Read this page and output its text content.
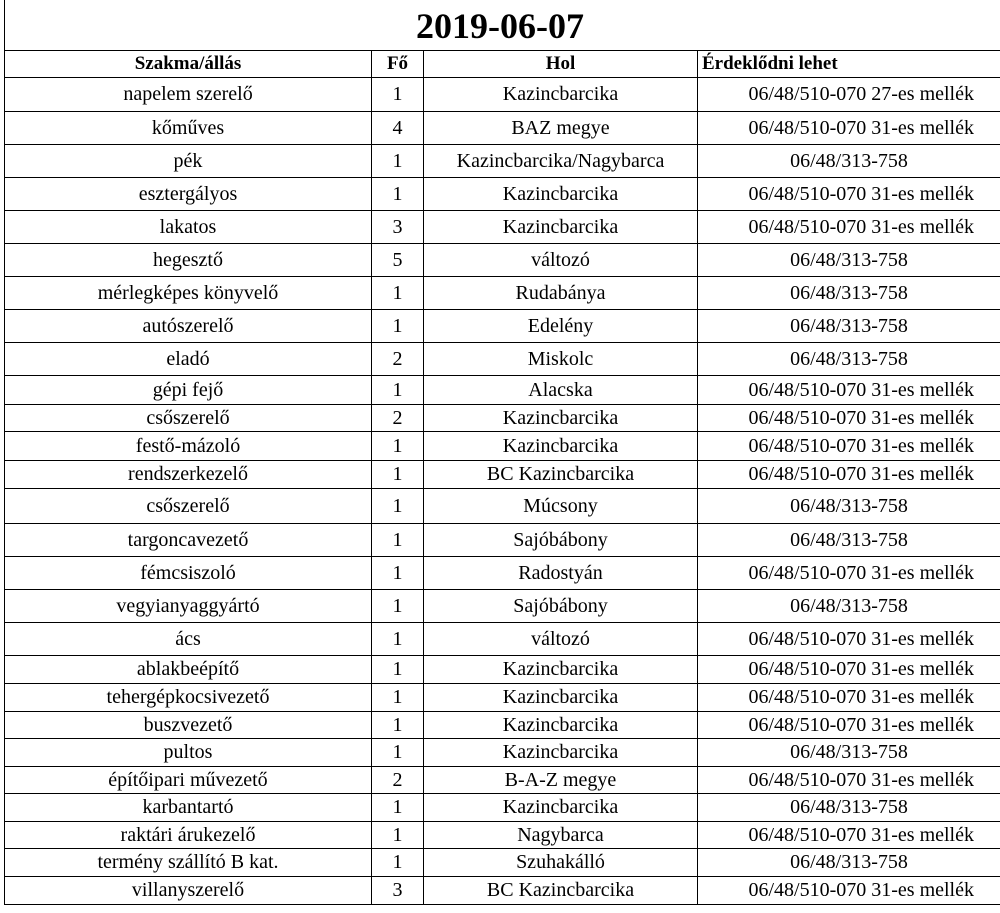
2019-06-07
Szakma/állás	Fő	Hol	Érdeklődni lehet
napelem szerelő	1	Kazincbarcika	06/48/510-070 27-es mellék
kőműves	4	BAZ megye	06/48/510-070 31-es mellék
pék	1	Kazincbarcika/Nagybarca	06/48/313-758
esztergályos	1	Kazincbarcika	06/48/510-070 31-es mellék
lakatos	3	Kazincbarcika	06/48/510-070 31-es mellék
hegesztő	5	változó	06/48/313-758
mérlegképes könyvelő	1	Rudabánya	06/48/313-758
autószerelő	1	Edelény	06/48/313-758
eladó	2	Miskolc	06/48/313-758
gépi fejő	1	Alacska	06/48/510-070 31-es mellék
csőszerelő	2	Kazincbarcika	06/48/510-070 31-es mellék
festő-mázoló	1	Kazincbarcika	06/48/510-070 31-es mellék
rendszerkezelő	1	BC Kazincbarcika	06/48/510-070 31-es mellék
csőszerelő	1	Múcsony	06/48/313-758
targoncavezető	1	Sajóbábony	06/48/313-758
fémcsiszoló	1	Radostyán	06/48/510-070 31-es mellék
vegyianyaggyártó	1	Sajóbábony	06/48/313-758
ács	1	változó	06/48/510-070 31-es mellék
ablakbeépítő	1	Kazincbarcika	06/48/510-070 31-es mellék
tehergépkocsivezető	1	Kazincbarcika	06/48/510-070 31-es mellék
buszvezető	1	Kazincbarcika	06/48/510-070 31-es mellék
pultos	1	Kazincbarcika	06/48/313-758
építőipari művezető	2	B-A-Z megye	06/48/510-070 31-es mellék
karbantartó	1	Kazincbarcika	06/48/313-758
raktári árukezelő	1	Nagybarca	06/48/510-070 31-es mellék
termény szállító B kat.	1	Szuhakálló	06/48/313-758
villanyszerelő	3	BC Kazincbarcika	06/48/510-070 31-es mellék
